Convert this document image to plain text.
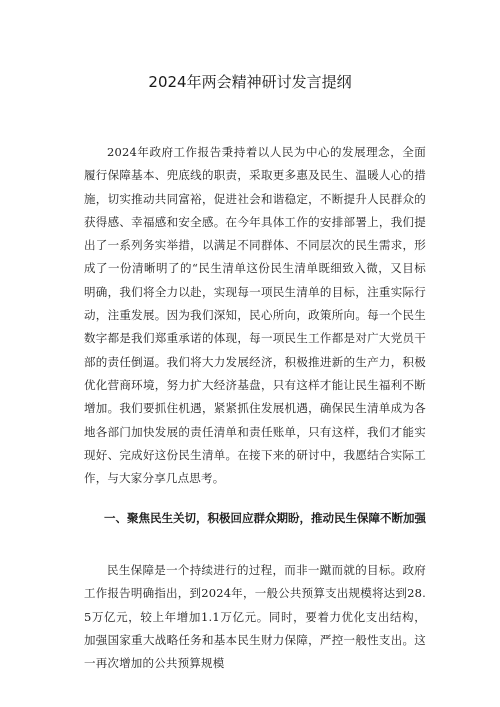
2024年两会精神研讨发言提纲

2024年政府工作报告秉持着以人民为中心的发展理念，全面履行保障基本、兜底线的职责，采取更多惠及民生、温暖人心的措施，切实推动共同富裕，促进社会和谐稳定，不断提升人民群众的获得感、幸福感和安全感。在今年具体工作的安排部署上，我们提出了一系列务实举措，以满足不同群体、不同层次的民生需求，形成了一份清晰明了的“民生清单这份民生清单既细致入微，又目标明确，我们将全力以赴，实现每一项民生清单的目标，注重实际行动，注重发展。因为我们深知，民心所向，政策所向。每一个民生数字都是我们郑重承诺的体现，每一项民生工作都是对广大党员干部的责任倒逼。我们将大力发展经济，积极推进新的生产力，积极优化营商环境，努力扩大经济基盘，只有这样才能让民生福利不断增加。我们要抓住机遇，紧紧抓住发展机遇，确保民生清单成为各地各部门加快发展的责任清单和责任账单，只有这样，我们才能实现好、完成好这份民生清单。在接下来的研讨中，我愿结合实际工作，与大家分享几点思考。

一、聚焦民生关切，积极回应群众期盼，推动民生保障不断加强

民生保障是一个持续进行的过程，而非一蹴而就的目标。政府工作报告明确指出，到2024年，一般公共预算支出规模将达到28.5万亿元，较上年增加1.1万亿元。同时，要着力优化支出结构，加强国家重大战略任务和基本民生财力保障，严控一般性支出。这一再次增加的公共预算规模
